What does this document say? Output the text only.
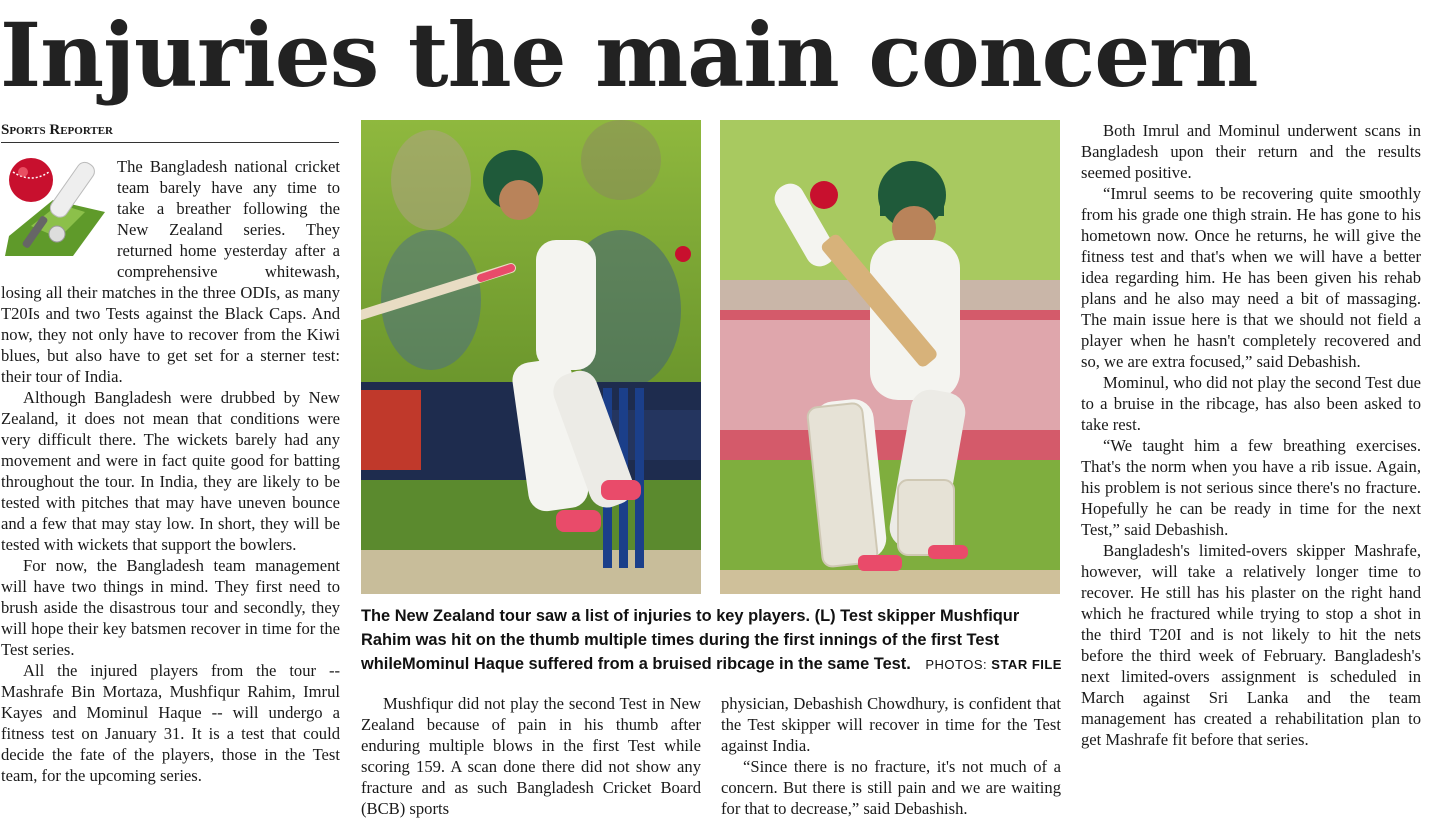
Injuries the main concern
Sports Reporter

The Bangladesh national cricket team barely have any time to take a breather following the New Zealand series. They returned home yesterday after a comprehensive whitewash, losing all their matches in the three ODIs, as many T20Is and two Tests against the Black Caps. And now, they not only have to recover from the Kiwi blues, but also have to get set for a sterner test: their tour of India.

Although Bangladesh were drubbed by New Zealand, it does not mean that conditions were very difficult there. The wickets barely had any movement and were in fact quite good for batting throughout the tour. In India, they are likely to be tested with pitches that may have uneven bounce and a few that may stay low. In short, they will be tested with wickets that support the bowlers.

For now, the Bangladesh team management will have two things in mind. They first need to brush aside the disastrous tour and secondly, they will hope their key batsmen recover in time for the Test series.

All the injured players from the tour -- Mashrafe Bin Mortaza, Mushfiqur Rahim, Imrul Kayes and Mominul Haque -- will undergo a fitness test on January 31. It is a test that could decide the fate of the players, those in the Test team, for the upcoming series.

The New Zealand tour saw a list of injuries to key players. (L) Test skipper Mushfiqur Rahim was hit on the thumb multiple times during the first innings of the first Test whileMominul Haque suffered from a bruised ribcage in the same Test. PHOTOS: STAR FILE

Mushfiqur did not play the second Test in New Zealand because of pain in his thumb after enduring multiple blows in the first Test while scoring 159. A scan done there did not show any fracture and as such Bangladesh Cricket Board (BCB) sports

physician, Debashish Chowdhury, is confident that the Test skipper will recover in time for the Test against India.

“Since there is no fracture, it's not much of a concern. But there is still pain and we are waiting for that to decrease,” said Debashish.

Both Imrul and Mominul underwent scans in Bangladesh upon their return and the results seemed positive.

“Imrul seems to be recovering quite smoothly from his grade one thigh strain. He has gone to his hometown now. Once he returns, he will give the fitness test and that's when we will have a better idea regarding him. He has been given his rehab plans and he also may need a bit of massaging. The main issue here is that we should not field a player when he hasn't completely recovered and so, we are extra focused,” said Debashish.

Mominul, who did not play the second Test due to a bruise in the ribcage, has also been asked to take rest.

“We taught him a few breathing exercises. That's the norm when you have a rib issue. Again, his problem is not serious since there's no fracture. Hopefully he can be ready in time for the next Test,” said Debashish.

Bangladesh's limited-overs skipper Mashrafe, however, will take a relatively longer time to recover. He still has his plaster on the right hand which he fractured while trying to stop a shot in the third T20I and is not likely to hit the nets before the third week of February. Bangladesh's next limited-overs assignment is scheduled in March against Sri Lanka and the team management has created a rehabilitation plan to get Mashrafe fit before that series.
